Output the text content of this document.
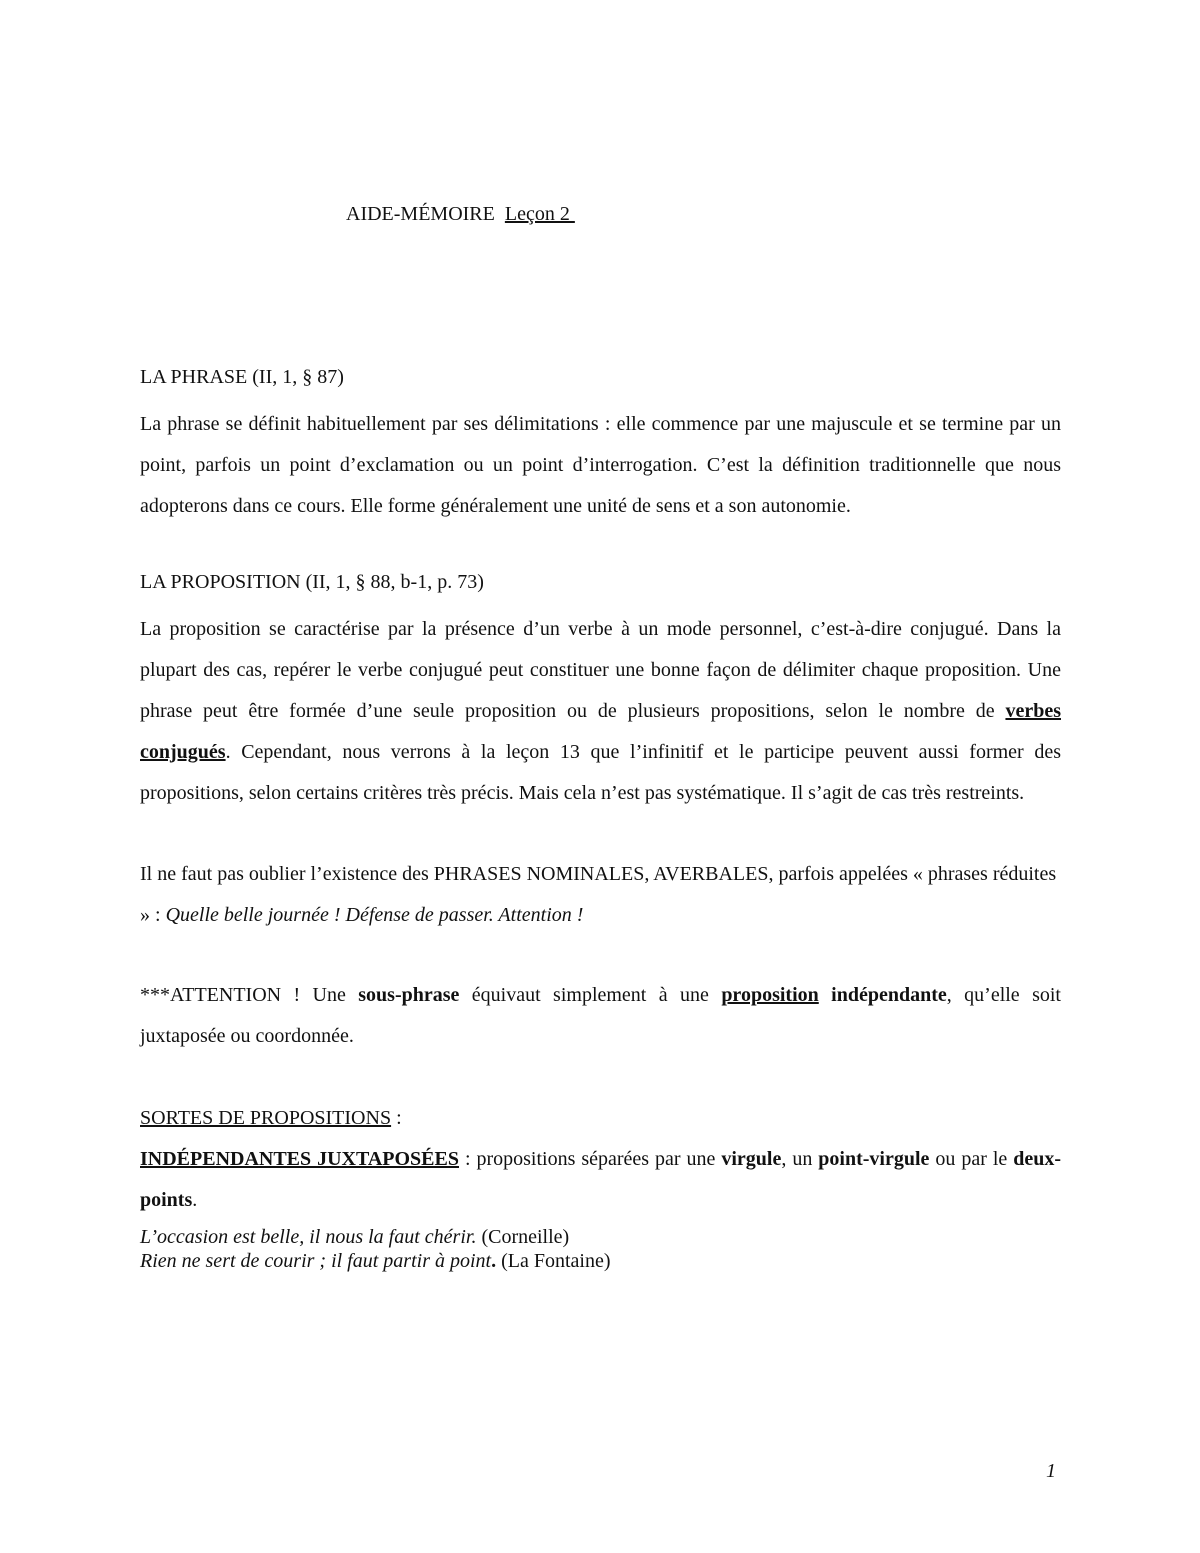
AIDE-MÉMOIRE Leçon 2

LA PHRASE (II, 1, § 87)

La phrase se définit habituellement par ses délimitations : elle commence par une majuscule et se termine par un point, parfois un point d’exclamation ou un point d’interrogation. C’est la définition traditionnelle que nous adopterons dans ce cours. Elle forme généralement une unité de sens et a son autonomie.

LA PROPOSITION (II, 1, § 88, b-1, p. 73)

La proposition se caractérise par la présence d’un verbe à un mode personnel, c’est-à-dire conjugué. Dans la plupart des cas, repérer le verbe conjugué peut constituer une bonne façon de délimiter chaque proposition. Une phrase peut être formée d’une seule proposition ou de plusieurs propositions, selon le nombre de verbes conjugués. Cependant, nous verrons à la leçon 13 que l’infinitif et le participe peuvent aussi former des propositions, selon certains critères très précis. Mais cela n’est pas systématique. Il s’agit de cas très restreints.

Il ne faut pas oublier l’existence des PHRASES NOMINALES, AVERBALES, parfois appelées « phrases réduites » : Quelle belle journée ! Défense de passer. Attention !

***ATTENTION ! Une sous-phrase équivaut simplement à une proposition indépendante, qu’elle soit juxtaposée ou coordonnée.

SORTES DE PROPOSITIONS :

INDÉPENDANTES JUXTAPOSÉES : propositions séparées par une virgule, un point-virgule ou par le deux-points.

L’occasion est belle, il nous la faut chérir. (Corneille)
Rien ne sert de courir ; il faut partir à point. (La Fontaine)

1
